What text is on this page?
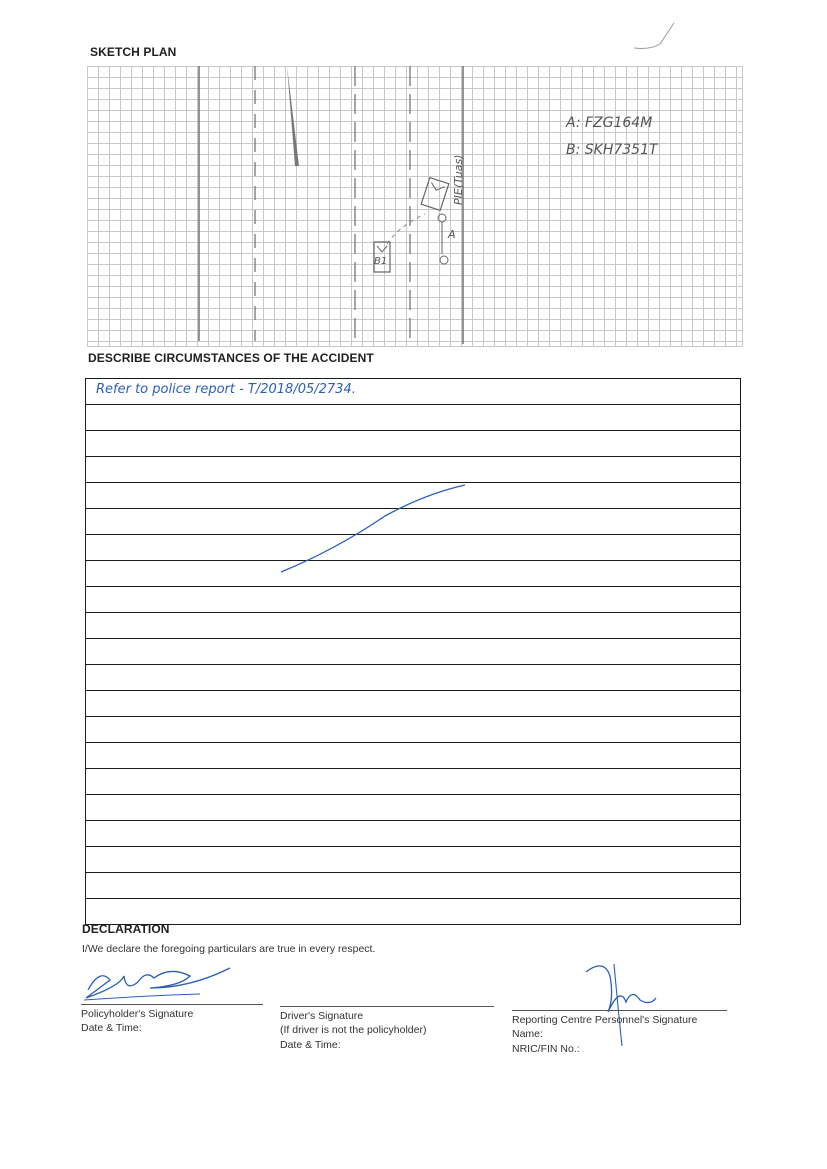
SKETCH PLAN
A: FZG164M
B: SKH7351T
A
B1
PIE(Tuas)
DESCRIBE CIRCUMSTANCES OF THE ACCIDENT
Refer to police report - T/2018/05/2734.
DECLARATION
I/We declare the foregoing particulars are true in every respect.
Policyholder's Signature
Date & Time:
Driver's Signature
(If driver is not the policyholder)
Date & Time:
Reporting Centre Personnel's Signature
Name:
NRIC/FIN No.:
